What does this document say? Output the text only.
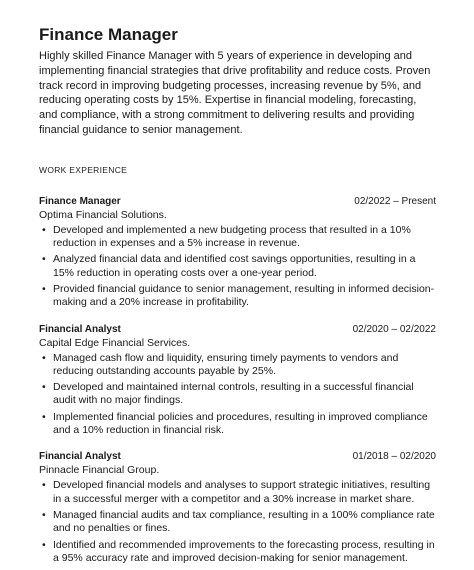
Finance Manager

Highly skilled Finance Manager with 5 years of experience in developing and implementing financial strategies that drive profitability and reduce costs. Proven track record in improving budgeting processes, increasing revenue by 5%, and reducing operating costs by 15%. Expertise in financial modeling, forecasting, and compliance, with a strong commitment to delivering results and providing financial guidance to senior management.

WORK EXPERIENCE
Finance Manager	02/2022 – Present
Optima Financial Solutions.
• Developed and implemented a new budgeting process that resulted in a 10% reduction in expenses and a 5% increase in revenue.
• Analyzed financial data and identified cost savings opportunities, resulting in a 15% reduction in operating costs over a one-year period.
• Provided financial guidance to senior management, resulting in informed decision-making and a 20% increase in profitability.
Financial Analyst	02/2020 – 02/2022
Capital Edge Financial Services.
• Managed cash flow and liquidity, ensuring timely payments to vendors and reducing outstanding accounts payable by 25%.
• Developed and maintained internal controls, resulting in a successful financial audit with no major findings.
• Implemented financial policies and procedures, resulting in improved compliance and a 10% reduction in financial risk.
Financial Analyst	01/2018 – 02/2020
Pinnacle Financial Group.
• Developed financial models and analyses to support strategic initiatives, resulting in a successful merger with a competitor and a 30% increase in market share.
• Managed financial audits and tax compliance, resulting in a 100% compliance rate and no penalties or fines.
• Identified and recommended improvements to the forecasting process, resulting in a 95% accuracy rate and improved decision-making for senior management.
